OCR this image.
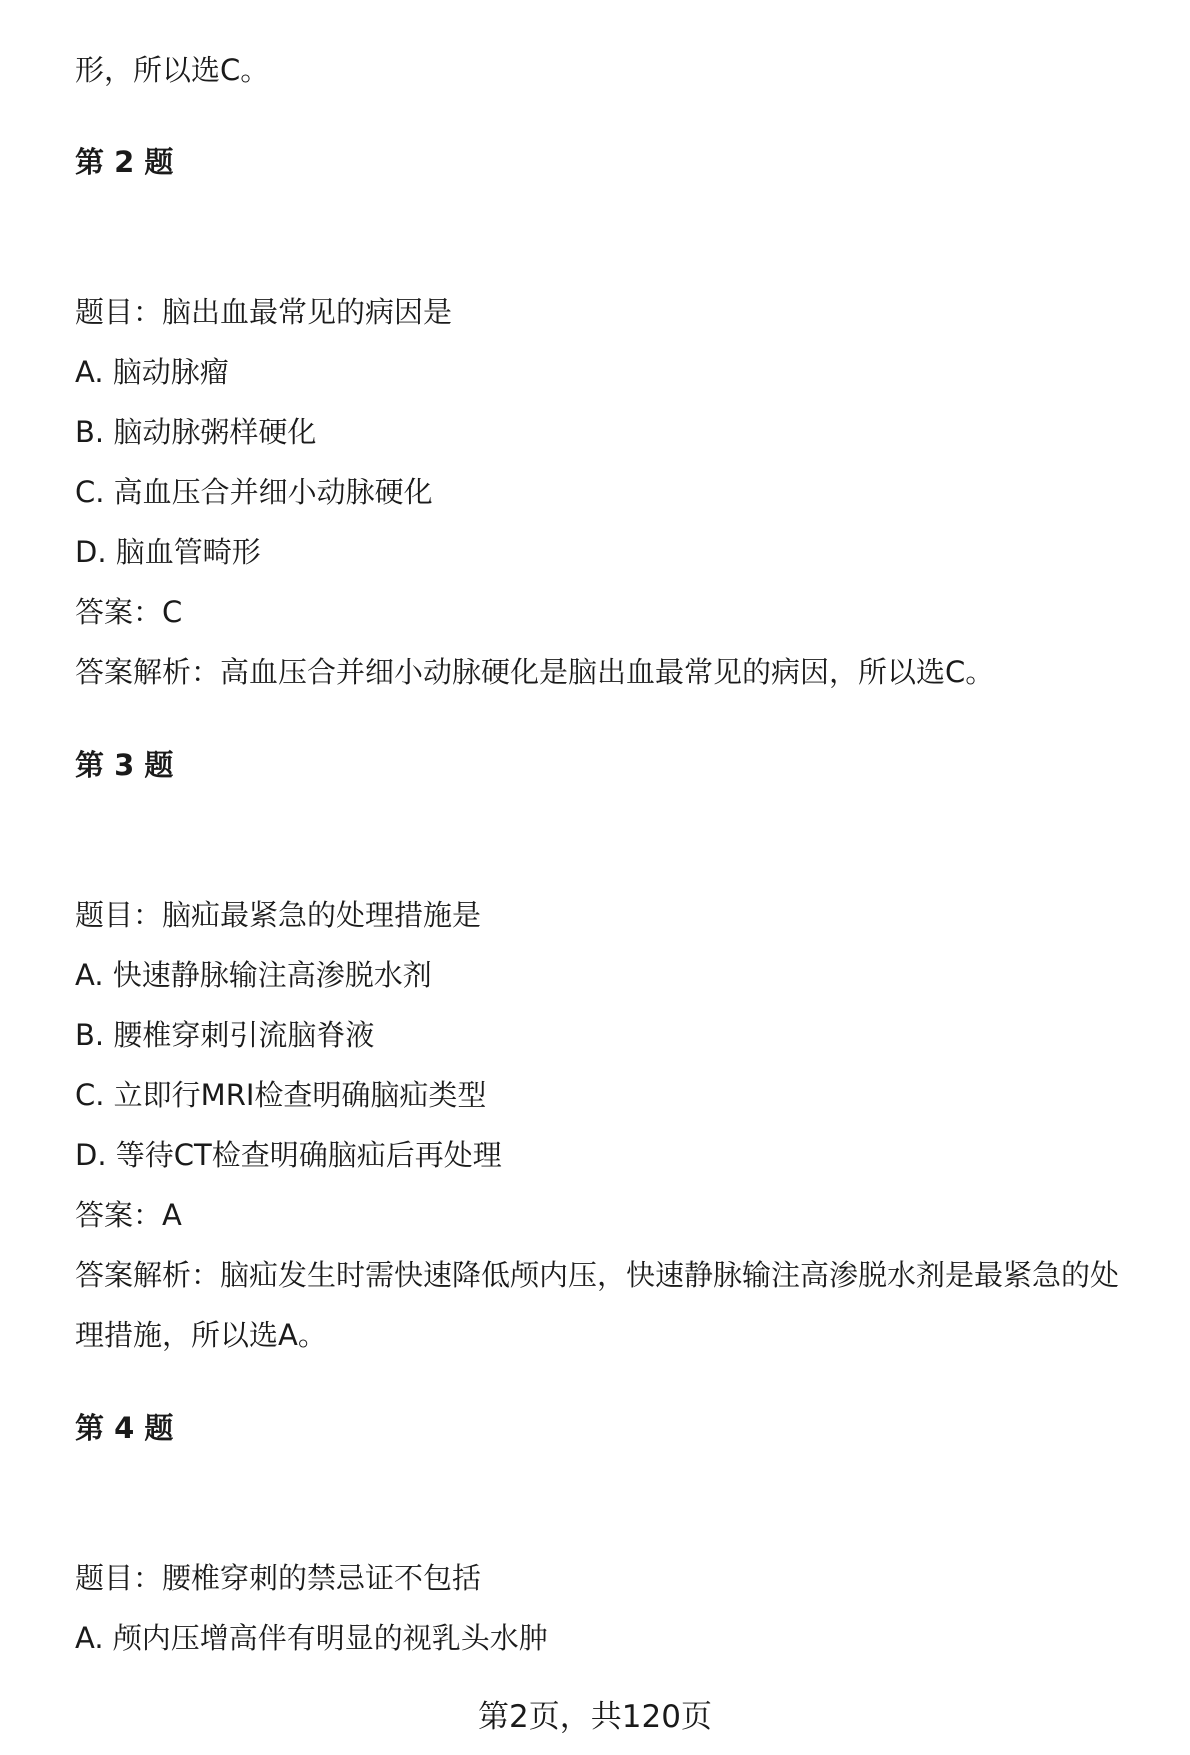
形，所以选C。
第 2 题
题目：脑出血最常见的病因是
A. 脑动脉瘤
B. 脑动脉粥样硬化
C. 高血压合并细小动脉硬化
D. 脑血管畸形
答案：C
答案解析：高血压合并细小动脉硬化是脑出血最常见的病因，所以选C。
第 3 题
题目：脑疝最紧急的处理措施是
A. 快速静脉输注高渗脱水剂
B. 腰椎穿刺引流脑脊液
C. 立即行MRI检查明确脑疝类型
D. 等待CT检查明确脑疝后再处理
答案：A
答案解析：脑疝发生时需快速降低颅内压，快速静脉输注高渗脱水剂是最紧急的处
理措施，所以选A。
第 4 题
题目：腰椎穿刺的禁忌证不包括
A. 颅内压增高伴有明显的视乳头水肿
第2页，共120页
